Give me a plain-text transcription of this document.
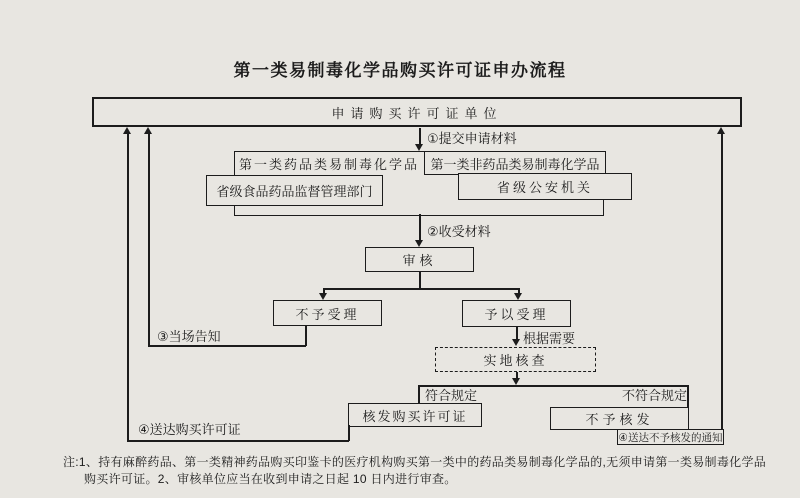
第一类易制毒化学品购买许可证申办流程
申请购买许可证单位
①提交申请材料
第一类药品类易制毒化学品 第一类非药品类易制毒化学品
省级食品药品监督管理部门	省级公安机关
②收受材料
审核
不予受理	予以受理
③当场告知	根据需要
实地核查
符合规定	不符合规定
核发购买许可证	不予核发
④送达不予核发的通知
④送达购买许可证
注:1、持有麻醉药品、第一类精神药品购买印鉴卡的医疗机构购买第一类中的药品类易制毒化学品的,无须申请第一类易制毒化学品
购买许可证。2、审核单位应当在收到申请之日起 10 日内进行审查。
